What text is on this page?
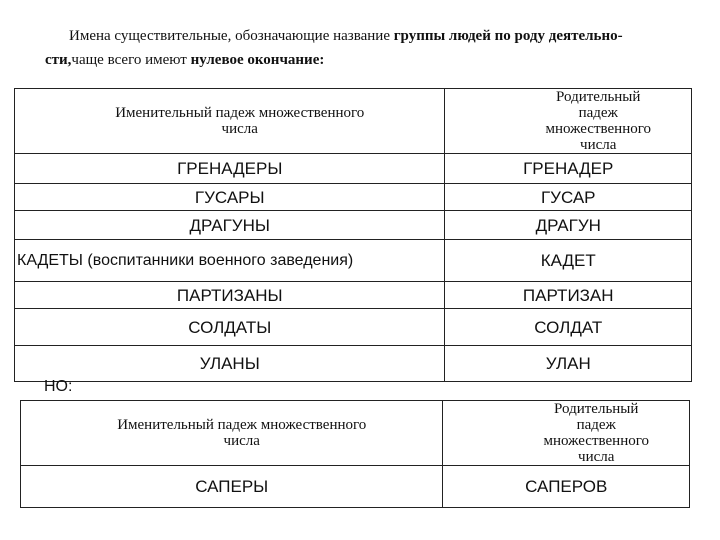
Имена существительные, обозначающие название группы людей по роду деятельно-сти,чаще всего имеют нулевое окончание:
Именительный падеж множественного числа	Родительный падеж множественного числа
ГРЕНАДЕРЫ	ГРЕНАДЕР
ГУСАРЫ	ГУСАР
ДРАГУНЫ	ДРАГУН
КАДЕТЫ (воспитанники военного заведения)	КАДЕТ
ПАРТИЗАНЫ	ПАРТИЗАН
СОЛДАТЫ	СОЛДАТ
УЛАНЫ	УЛАН
НО:
Именительный падеж множественного числа	Родительный падеж множественного числа
САПЕРЫ	САПЕРОВ
